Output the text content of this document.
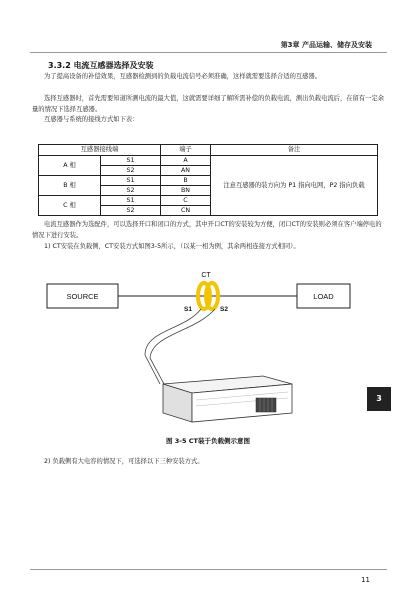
第3章 产品运输、储存及安装
3.3.2 电流互感器选择及安装
为了提高设备的补偿效果，互感器检测到的负载电流信号必须准确，这样就需要选择合适的互感器。
选择互感器时，首先需要知道所测电流的最大值，这就需要详细了解所需补偿的负载电流，测出负载电流后，在留有一定余量的情况下选择互感器。
互感器与系统的接线方式如下表：
互感器接线端		端子	备注
A 相	S1	A	注意互感器的装方向为 P1 指向电网，P2 指向负载
	S2	AN	
B 相	S1	B	
	S2	BN	
C 相	S1	C	
	S2	CN	
电流互感器作为选配件，可以选择开口和闭口的方式，其中开口CT的安装较为方便，闭口CT的安装则必须在客户端停电的情况下进行安装。
1) CT安装在负载侧，CT安装方式如图3-5所示，（以某一相为例，其余两相连接方式相同）。
SOURCE	LOAD
CT
S1	S2
图 3-5 CT装于负载侧示意图
2) 负载侧有大电容的情况下，可选择以下三种安装方式。
3
11
